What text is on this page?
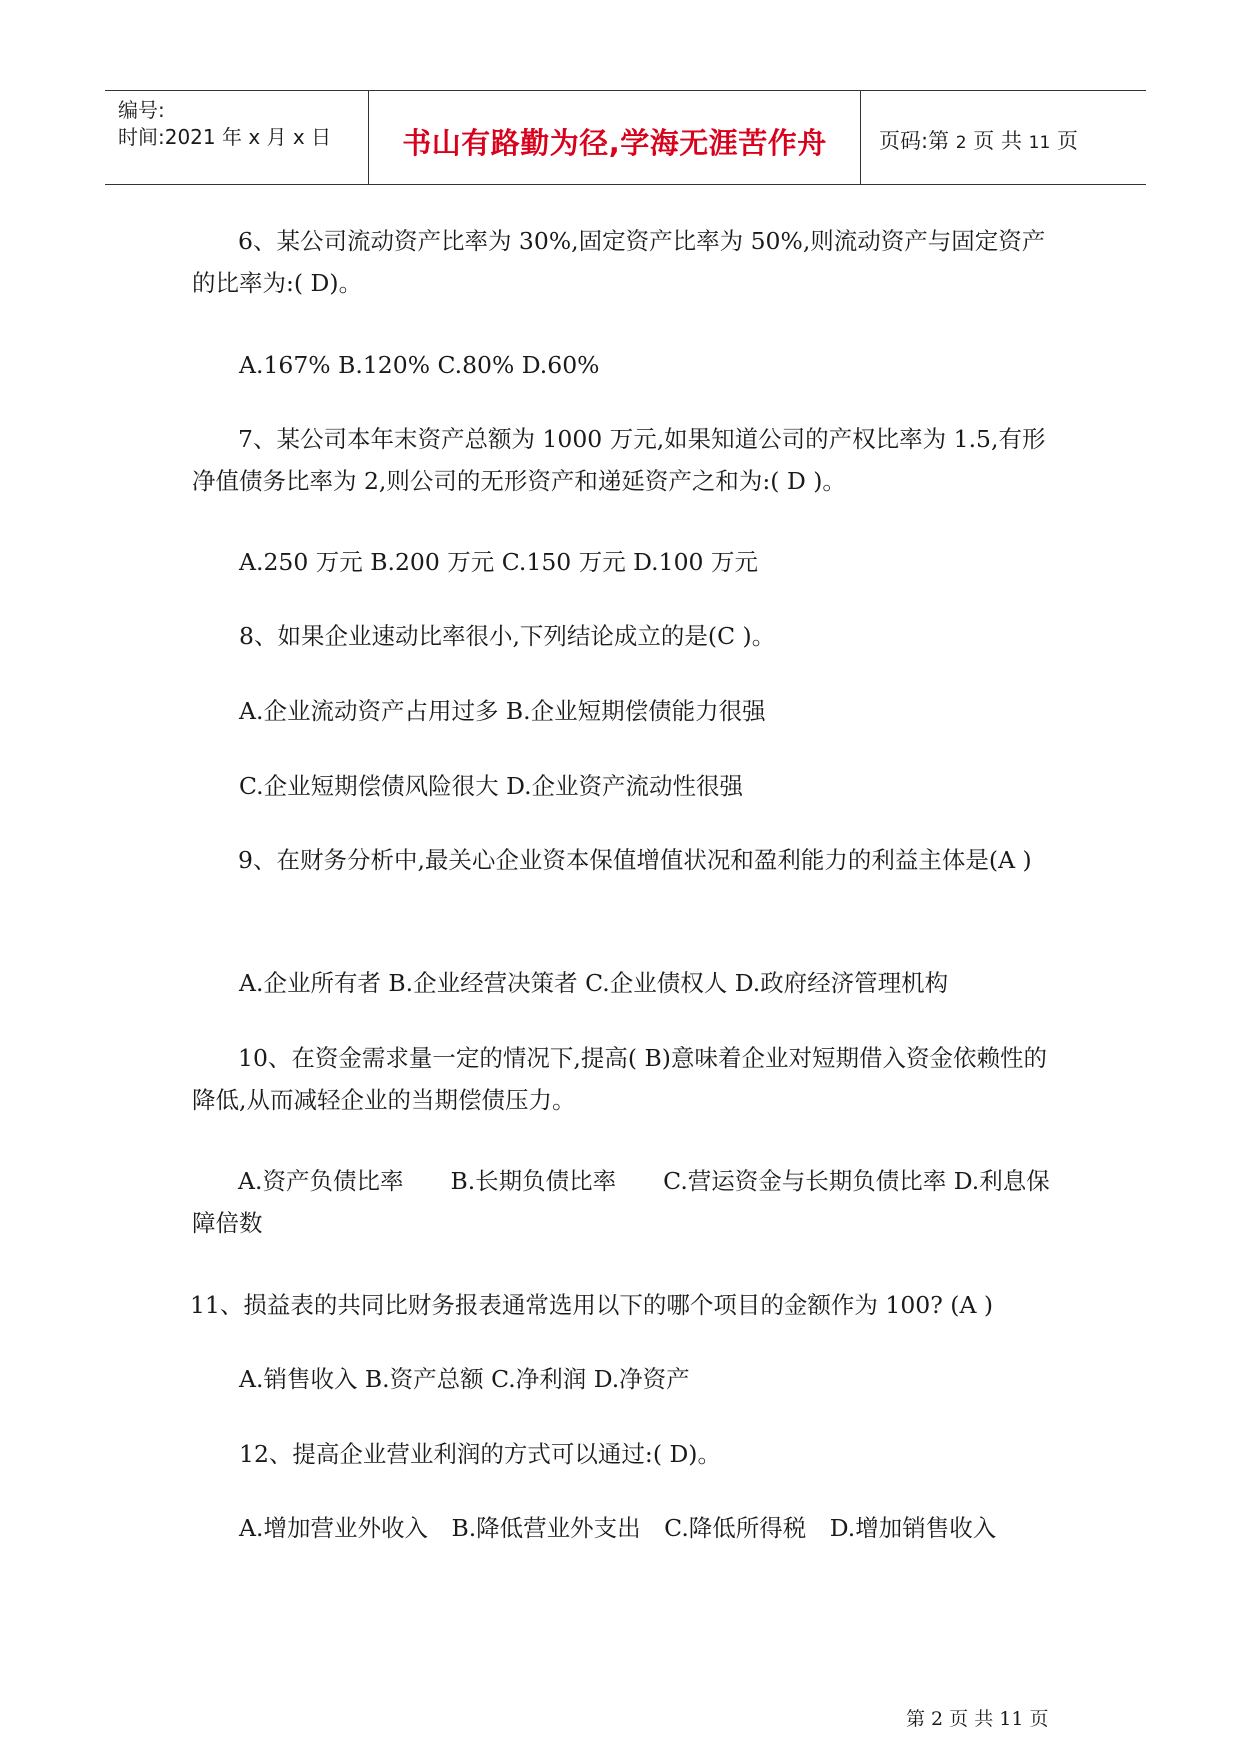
编号:
时间:2021 年 x 月 x 日	书山有路勤为径,学海无涯苦作舟	页码:第 2 页 共 11 页
6、某公司流动资产比率为 30%,固定资产比率为 50%,则流动资产与固定资产的比率为:( D)。
A.167% B.120% C.80% D.60%
7、某公司本年末资产总额为 1000 万元,如果知道公司的产权比率为 1.5,有形净值债务比率为 2,则公司的无形资产和递延资产之和为:( D )。
A.250 万元 B.200 万元 C.150 万元 D.100 万元
8、如果企业速动比率很小,下列结论成立的是(C )。
A.企业流动资产占用过多 B.企业短期偿债能力很强
C.企业短期偿债风险很大 D.企业资产流动性很强
9、在财务分析中,最关心企业资本保值增值状况和盈利能力的利益主体是(A )
A.企业所有者 B.企业经营决策者 C.企业债权人 D.政府经济管理机构
10、在资金需求量一定的情况下,提高( B)意味着企业对短期借入资金依赖性的降低,从而减轻企业的当期偿债压力。
A.资产负债比率　　B.长期负债比率　　C.营运资金与长期负债比率 D.利息保障倍数
11、损益表的共同比财务报表通常选用以下的哪个项目的金额作为 100? (A )
A.销售收入 B.资产总额 C.净利润 D.净资产
12、提高企业营业利润的方式可以通过:( D)。
A.增加营业外收入　B.降低营业外支出　C.降低所得税　D.增加销售收入
第 2 页 共 11 页
